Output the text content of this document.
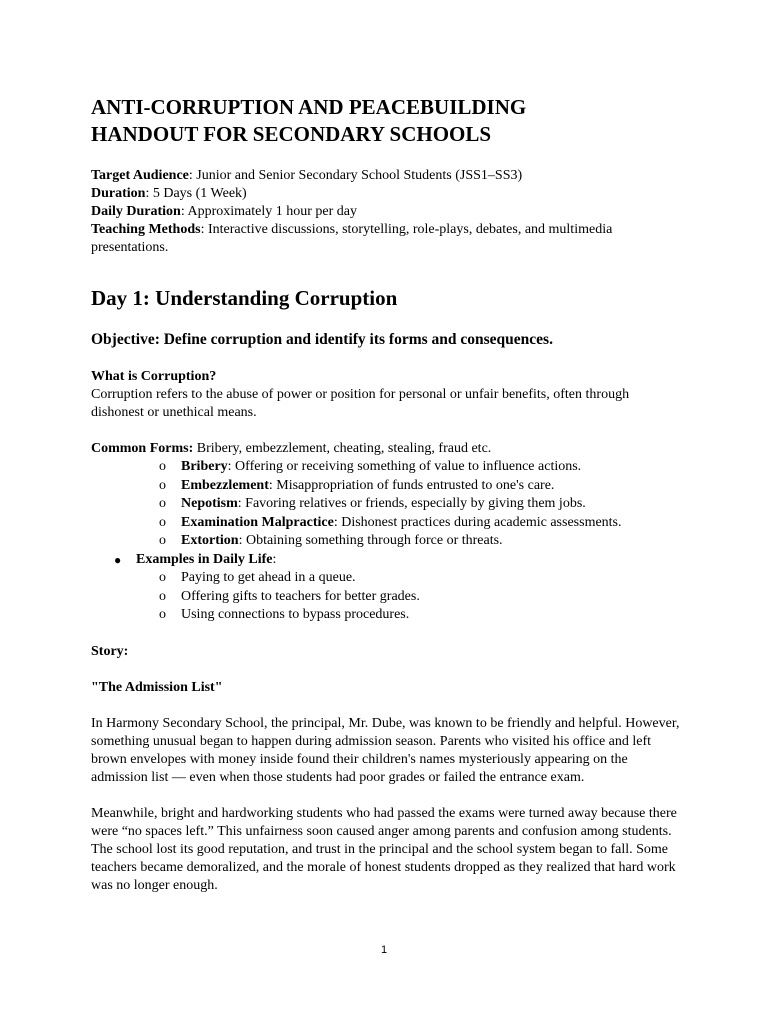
ANTI-CORRUPTION AND PEACEBUILDING
HANDOUT FOR SECONDARY SCHOOLS

Target Audience: Junior and Senior Secondary School Students (JSS1–SS3)

Duration: 5 Days (1 Week)

Daily Duration: Approximately 1 hour per day

Teaching Methods: Interactive discussions, storytelling, role-plays, debates, and multimedia presentations.

Day 1: Understanding Corruption
Objective: Define corruption and identify its forms and consequences.

What is Corruption?

Corruption refers to the abuse of power or position for personal or unfair benefits, often through dishonest or unethical means.

Common Forms: Bribery, embezzlement, cheating, stealing, fraud etc.

o Bribery: Offering or receiving something of value to influence actions.
o Embezzlement: Misappropriation of funds entrusted to one's care.
o Nepotism: Favoring relatives or friends, especially by giving them jobs.
o Examination Malpractice: Dishonest practices during academic assessments.
o Extortion: Obtaining something through force or threats.
● Examples in Daily Life:
o Paying to get ahead in a queue.
o Offering gifts to teachers for better grades.
o Using connections to bypass procedures.

Story:

"The Admission List"

In Harmony Secondary School, the principal, Mr. Dube, was known to be friendly and helpful. However, something unusual began to happen during admission season. Parents who visited his office and left brown envelopes with money inside found their children's names mysteriously appearing on the admission list — even when those students had poor grades or failed the entrance exam.

Meanwhile, bright and hardworking students who had passed the exams were turned away because there were “no spaces left.” This unfairness soon caused anger among parents and confusion among students. The school lost its good reputation, and trust in the principal and the school system began to fall. Some teachers became demoralized, and the morale of honest students dropped as they realized that hard work was no longer enough.

1
